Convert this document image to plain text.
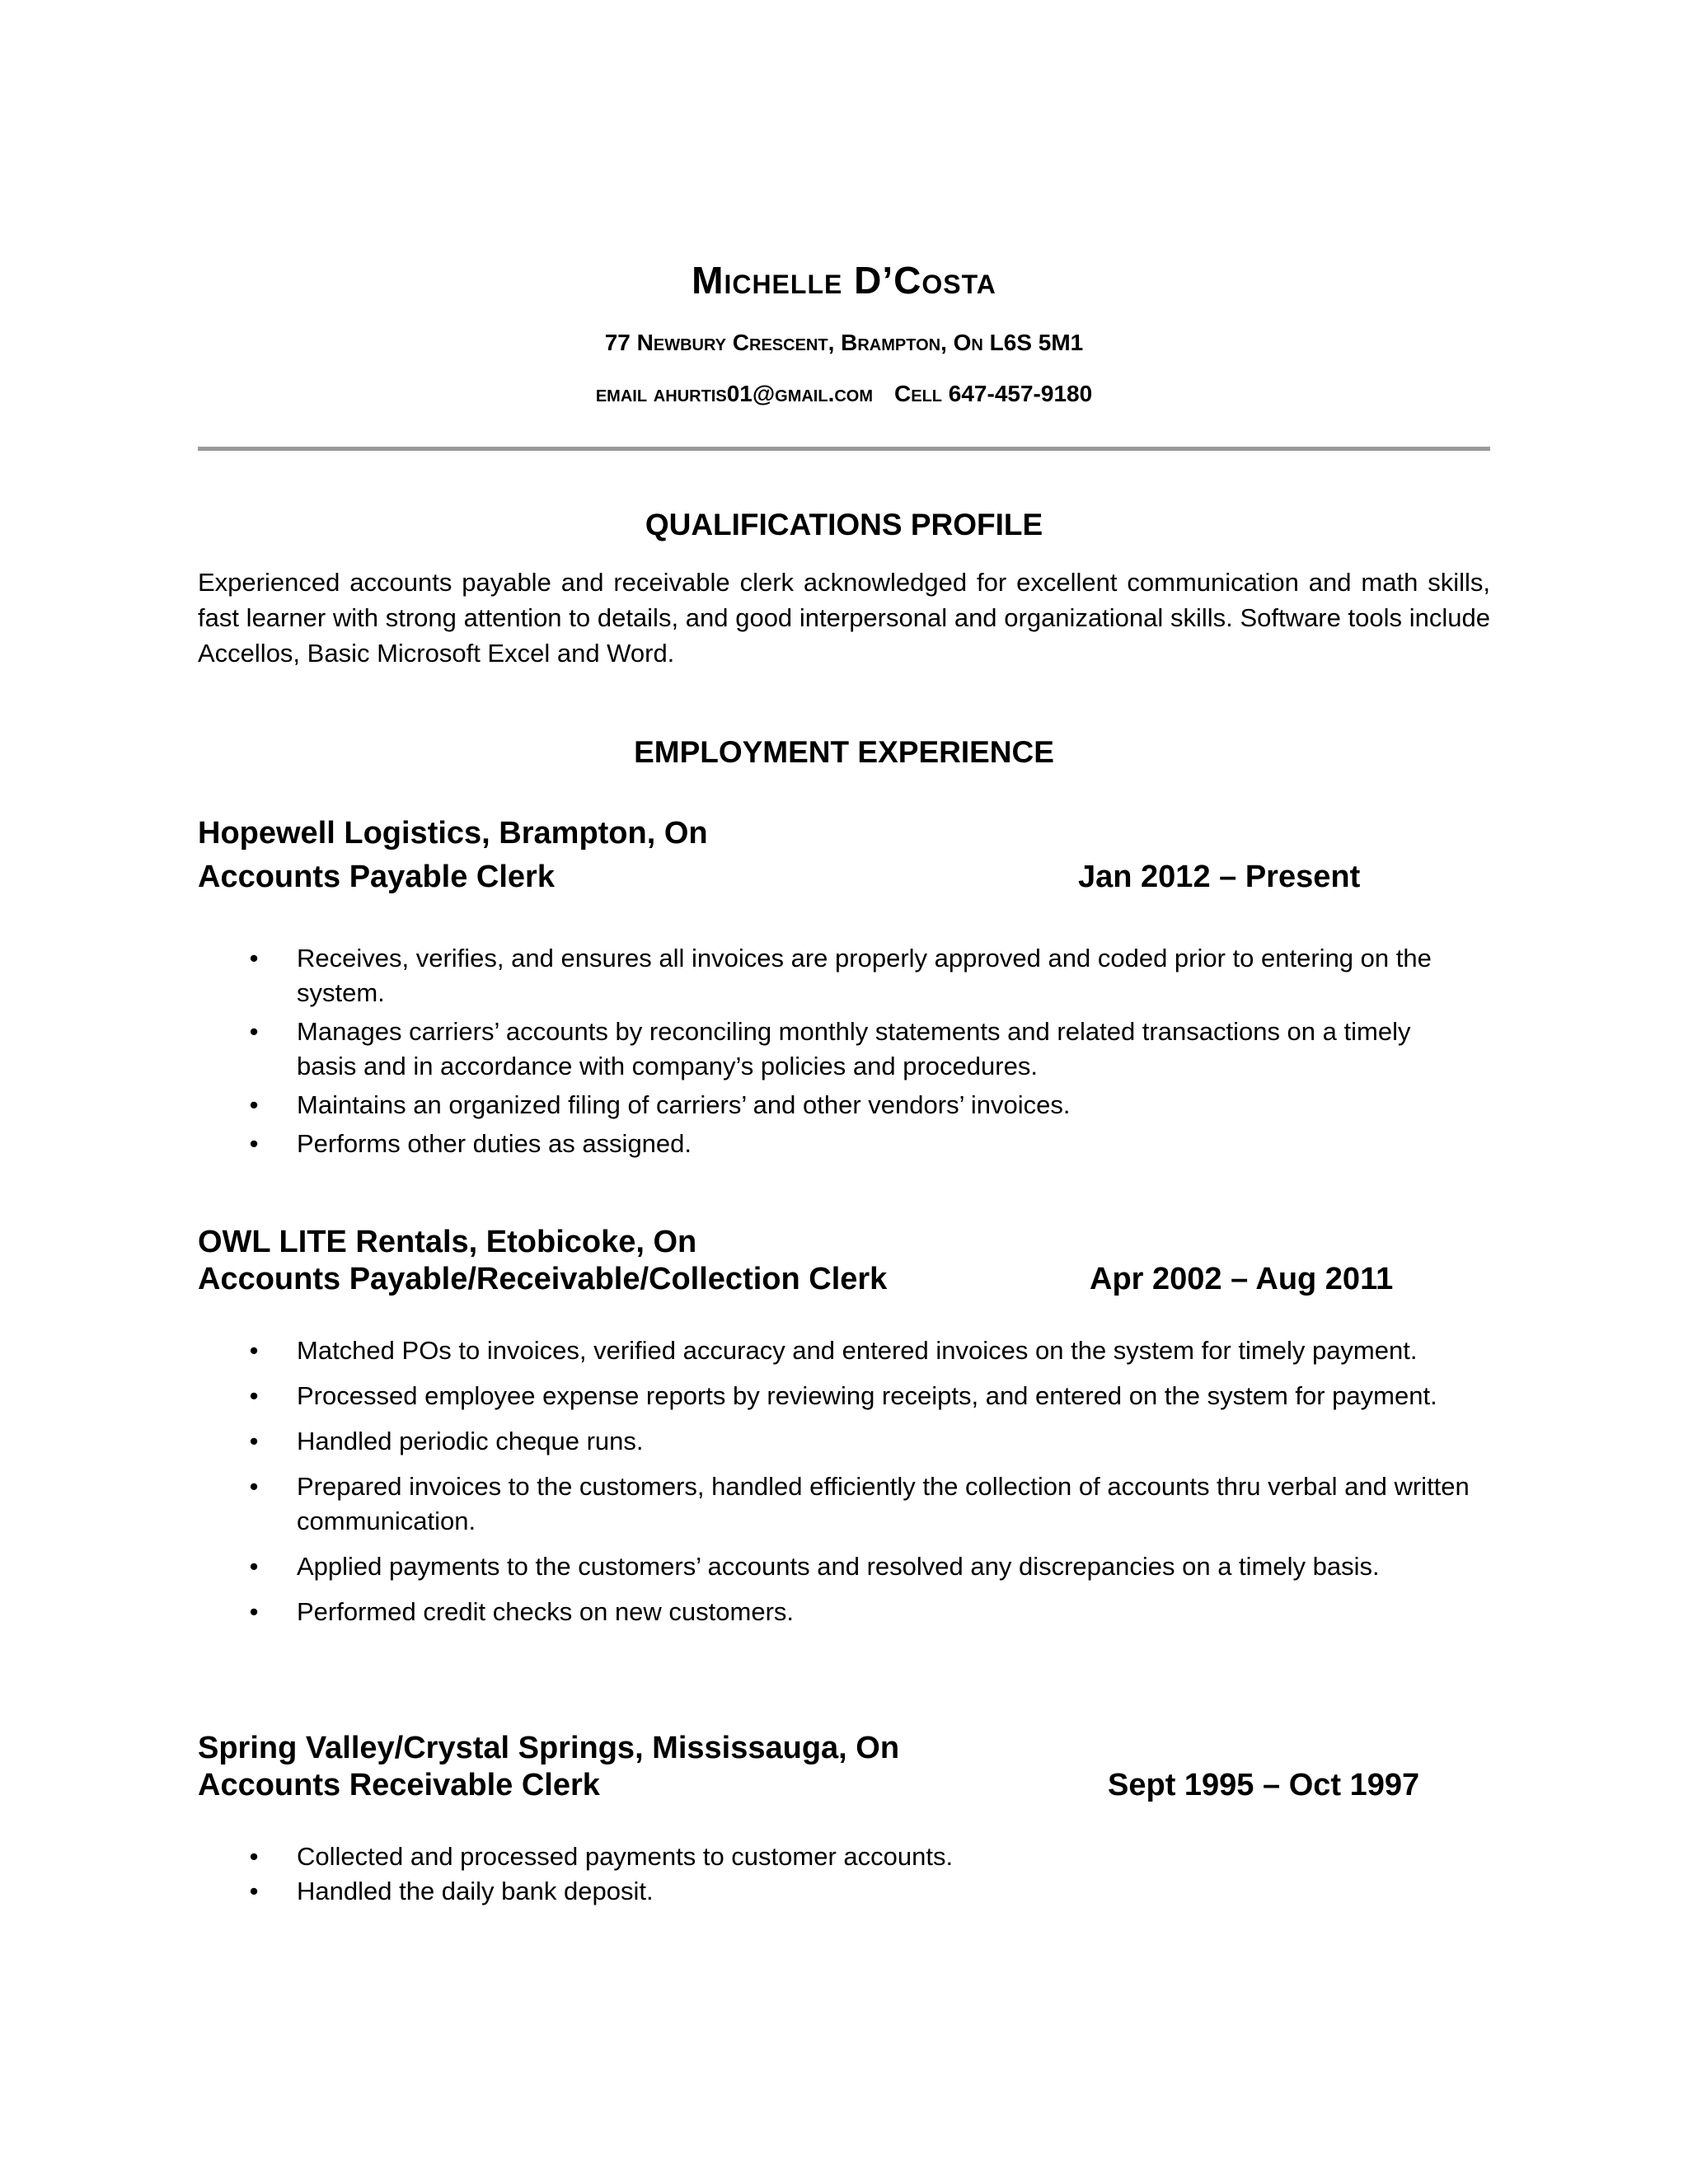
Michelle D’Costa
77 Newbury Crescent, Brampton, On L6S 5M1
email ahurtis01@gmail.com Cell 647-457-9180
QUALIFICATIONS PROFILE
Experienced accounts payable and receivable clerk acknowledged for excellent communication and math skills, fast learner with strong attention to details, and good interpersonal and organizational skills. Software tools include Accellos, Basic Microsoft Excel and Word.
EMPLOYMENT EXPERIENCE
Hopewell Logistics, Brampton, On
Accounts Payable Clerk	Jan 2012 – Present
• Receives, verifies, and ensures all invoices are properly approved and coded prior to entering on the system.
• Manages carriers’ accounts by reconciling monthly statements and related transactions on a timely basis and in accordance with company’s policies and procedures.
• Maintains an organized filing of carriers’ and other vendors’ invoices.
• Performs other duties as assigned.
OWL LITE Rentals, Etobicoke, On
Accounts Payable/Receivable/Collection Clerk	Apr 2002 – Aug 2011
• Matched POs to invoices, verified accuracy and entered invoices on the system for timely payment.
• Processed employee expense reports by reviewing receipts, and entered on the system for payment.
• Handled periodic cheque runs.
• Prepared invoices to the customers, handled efficiently the collection of accounts thru verbal and written communication.
• Applied payments to the customers’ accounts and resolved any discrepancies on a timely basis.
• Performed credit checks on new customers.
Spring Valley/Crystal Springs, Mississauga, On
Accounts Receivable Clerk	Sept 1995 – Oct 1997
• Collected and processed payments to customer accounts.
• Handled the daily bank deposit.
